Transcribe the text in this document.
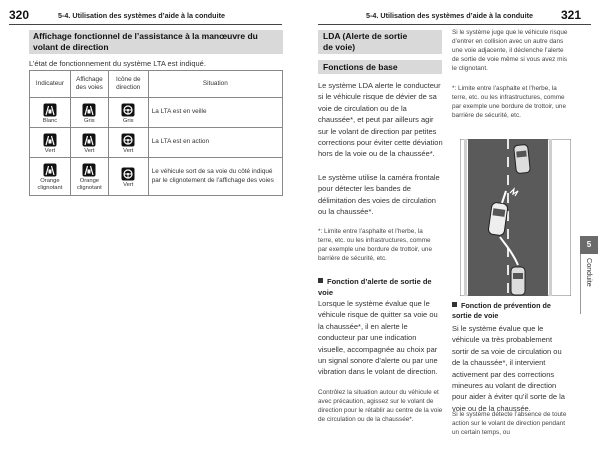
320	5-4. Utilisation des systèmes d’aide à la conduite	5-4. Utilisation des systèmes d’aide à la conduite 321
Affichage fonctionnel de l’assistance à la manœuvre du
volant de direction
L’état de fonctionnement du système LTA est indiqué.
Indicateur	Affichage des voies	Icône de direction	Situation

Blanc	Gris	Gris	La LTA est en veille

Vert	Vert	Vert	La LTA est en action

Orange clignotant	Orange clignotant	Vert	Le véhicule sort de sa voie du côté indiqué par le clignotement de l’affichage des voies
LDA (Alerte de sortie
de voie)
Fonctions de base
Le système LDA alerte le conducteur si le véhicule risque de dévier de sa voie de circulation ou de la chaussée*, et peut par ailleurs agir sur le volant de direction par petites corrections pour éviter cette déviation hors de la voie ou de la chaussée*.
Le système utilise la caméra frontale pour détecter les bandes de délimitation des voies de circulation ou la chaussée*.
*: Limite entre l’asphalte et l’herbe, la terre, etc. ou les infrastructures, comme par exemple une bordure de trottoir, une barrière de sécurité, etc.
Fonction d’alerte de sortie de voie
Lorsque le système évalue que le véhicule risque de quitter sa voie ou la chaussée*, il en alerte le conducteur par une indication visuelle, accompagnée au choix par un signal sonore d’alerte ou par une vibration dans le volant de direction.
Contrôlez la situation autour du véhicule et avec précaution, agissez sur le volant de direction pour le rétablir au centre de la voie de circulation ou de la chaussée*.
Si le système juge que le véhicule risque d’entrer en collision avec un autre dans une voie adjacente, il déclenche l’alerte de sortie de voie même si vous avez mis le clignotant.
*: Limite entre l’asphalte et l’herbe, la terre, etc. ou les infrastructures, comme par exemple une bordure de trottoir, une barrière de sécurité, etc.
Fonction de prévention de sortie de voie
Si le système évalue que le véhicule va très probablement sortir de sa voie de circulation ou de la chaussée*, il intervient activement par des corrections mineures au volant de direction pour aider à éviter qu’il sorte de la voie ou de la chaussée.
Si le système détecte l’absence de toute action sur le volant de direction pendant un certain temps, ou
5
Conduite
